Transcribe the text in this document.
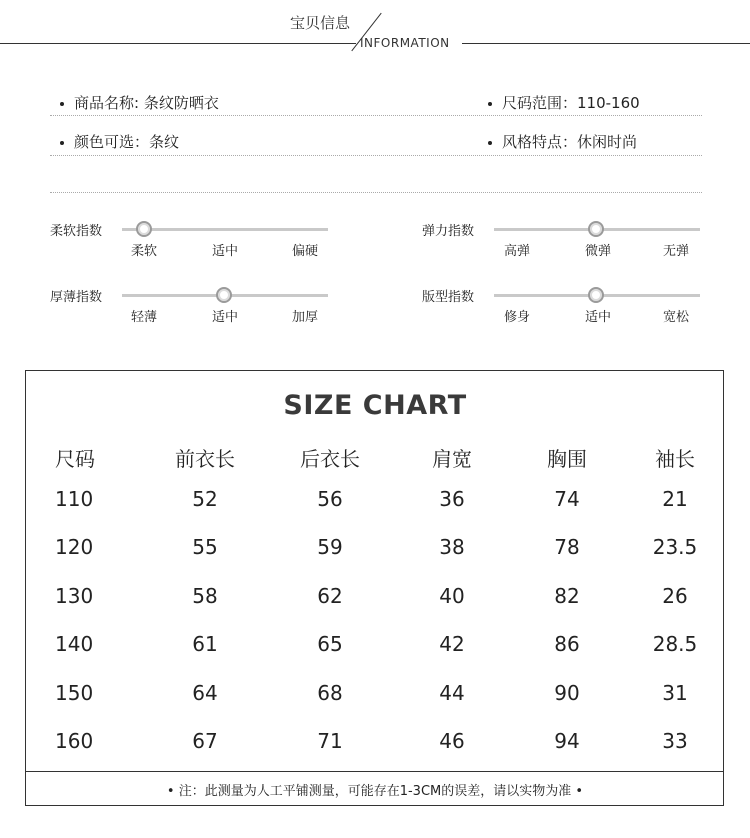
宝贝信息
INFORMATION
商品名称: 条纹防晒衣	尺码范围：110-160
颜色可选：条纹	风格特点：休闲时尚
柔软指数
柔软	适中	偏硬
弹力指数
高弹	微弹	无弹
厚薄指数
轻薄	适中	加厚
版型指数
修身	适中	宽松
SIZE CHART
尺码	前衣长	后衣长	肩宽	胸围	袖长
110	52	56	36	74	21
120	55	59	38	78	23.5
130	58	62	40	82	26
140	61	65	42	86	28.5
150	64	68	44	90	31
160	67	71	46	94	33
• 注：此测量为人工平铺测量，可能存在1-3CM的误差，请以实物为准 •
